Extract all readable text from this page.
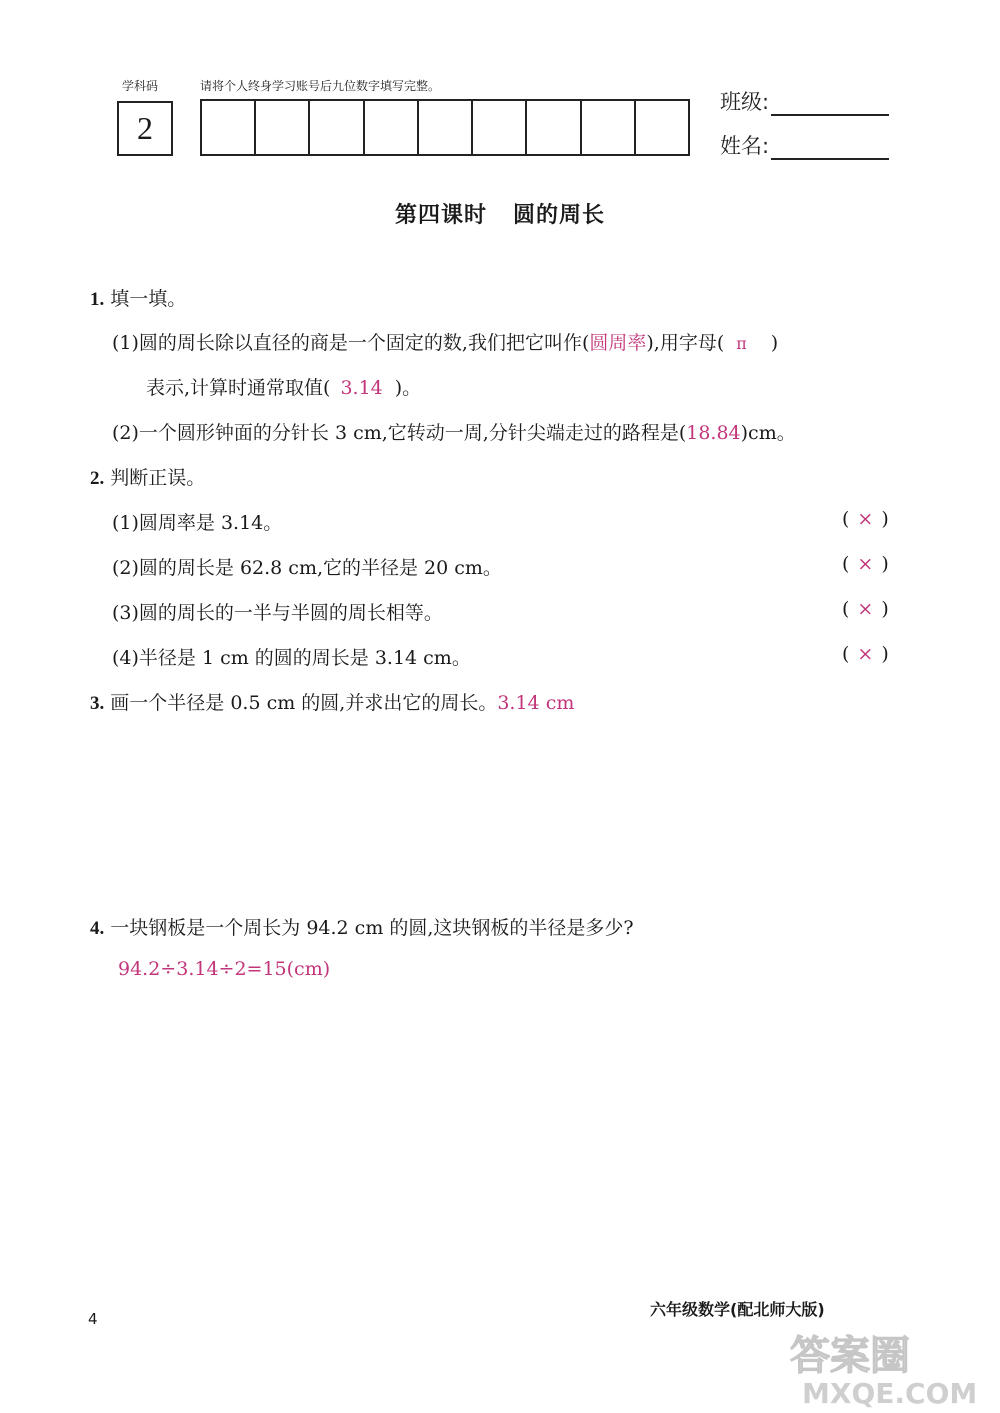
学科码	请将个人终身学习账号后九位数字填写完整。
2
班级:
姓名:
第四课时 圆的周长
1. 填一填。
(1)圆的周长除以直径的商是一个固定的数,我们把它叫作(圆周率),用字母( π )
表示,计算时通常取值( 3.14 )。
(2)一个圆形钟面的分针长 3 cm,它转动一周,分针尖端走过的路程是(18.84)cm。
2. 判断正误。
(1)圆周率是 3.14。	( × )
(2)圆的周长是 62.8 cm,它的半径是 20 cm。	( × )
(3)圆的周长的一半与半圆的周长相等。	( × )
(4)半径是 1 cm 的圆的周长是 3.14 cm。	( × )
3. 画一个半径是 0.5 cm 的圆,并求出它的周长。3.14 cm
4. 一块钢板是一个周长为 94.2 cm 的圆,这块钢板的半径是多少?
94.2÷3.14÷2=15(cm)
4	六年级数学(配北师大版)
答案圈
MXQE.COM
